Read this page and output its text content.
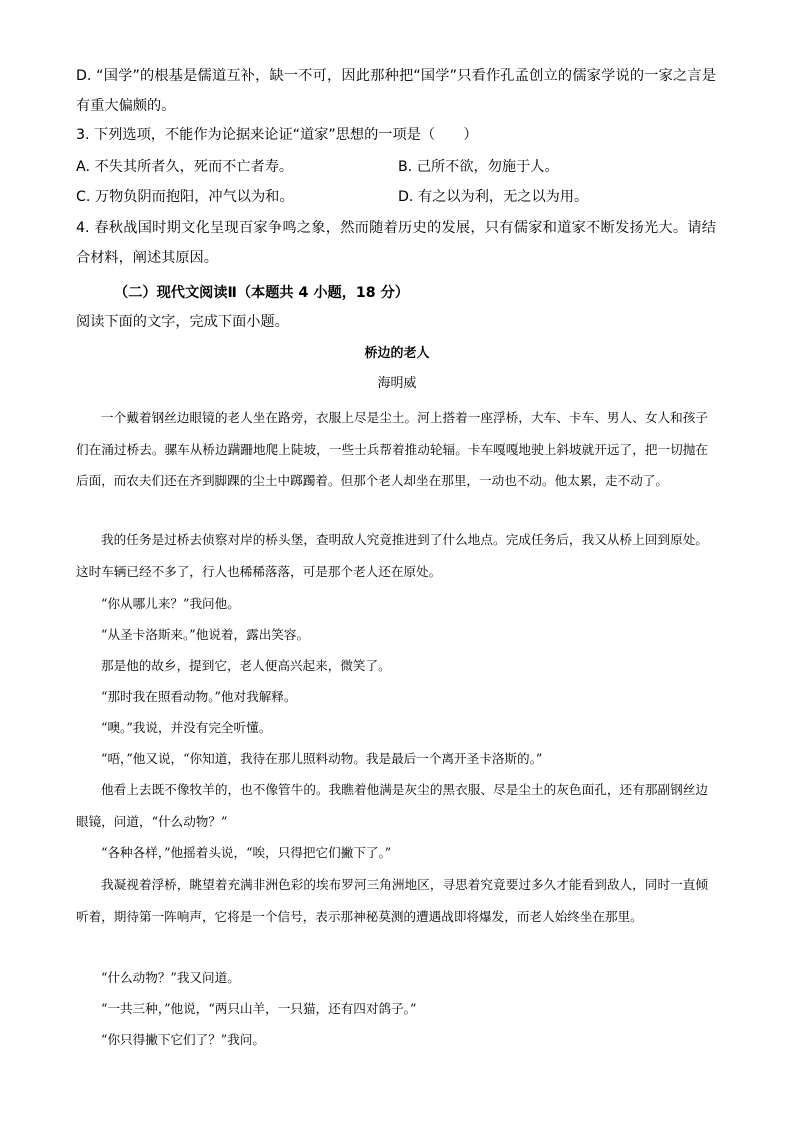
D. “国学”的根基是儒道互补，缺一不可，因此那种把“国学”只看作孔孟创立的儒家学说的一家之言是有重大偏颇的。
3. 下列选项，不能作为论据来论证“道家”思想的一项是（　　）
A. 不失其所者久，死而不亡者寿。	B. 己所不欲，勿施于人。
C. 万物负阴而抱阳，冲气以为和。	D. 有之以为利，无之以为用。
4. 春秋战国时期文化呈现百家争鸣之象，然而随着历史的发展，只有儒家和道家不断发扬光大。请结合材料，阐述其原因。
（二）现代文阅读Ⅱ（本题共 4 小题，18 分）
阅读下面的文字，完成下面小题。
桥边的老人
海明威

一个戴着钢丝边眼镜的老人坐在路旁，衣服上尽是尘土。河上搭着一座浮桥，大车、卡车、男人、女人和孩子们在涌过桥去。骡车从桥边蹒跚地爬上陡坡，一些士兵帮着推动轮辐。卡车嘎嘎地驶上斜坡就开远了，把一切抛在后面，而农夫们还在齐到脚踝的尘土中踯躅着。但那个老人却坐在那里，一动也不动。他太累，走不动了。

我的任务是过桥去侦察对岸的桥头堡，查明敌人究竟推进到了什么地点。完成任务后，我又从桥上回到原处。这时车辆已经不多了，行人也稀稀落落，可是那个老人还在原处。

“你从哪儿来？”我问他。

“从圣卡洛斯来。”他说着，露出笑容。

那是他的故乡，提到它，老人便高兴起来，微笑了。

“那时我在照看动物。”他对我解释。

“噢。”我说，并没有完全听懂。

“唔，”他又说，“你知道，我待在那儿照料动物。我是最后一个离开圣卡洛斯的。”

他看上去既不像牧羊的，也不像管牛的。我瞧着他满是灰尘的黑衣服、尽是尘土的灰色面孔，还有那副钢丝边眼镜，问道，“什么动物？”

“各种各样，”他摇着头说，“唉，只得把它们撇下了。”

我凝视着浮桥，眺望着充满非洲色彩的埃布罗河三角洲地区，寻思着究竟要过多久才能看到敌人，同时一直倾听着，期待第一阵响声，它将是一个信号，表示那神秘莫测的遭遇战即将爆发，而老人始终坐在那里。

“什么动物？”我又问道。

“一共三种，”他说，“两只山羊，一只猫，还有四对鸽子。”

“你只得撇下它们了？”我问。
